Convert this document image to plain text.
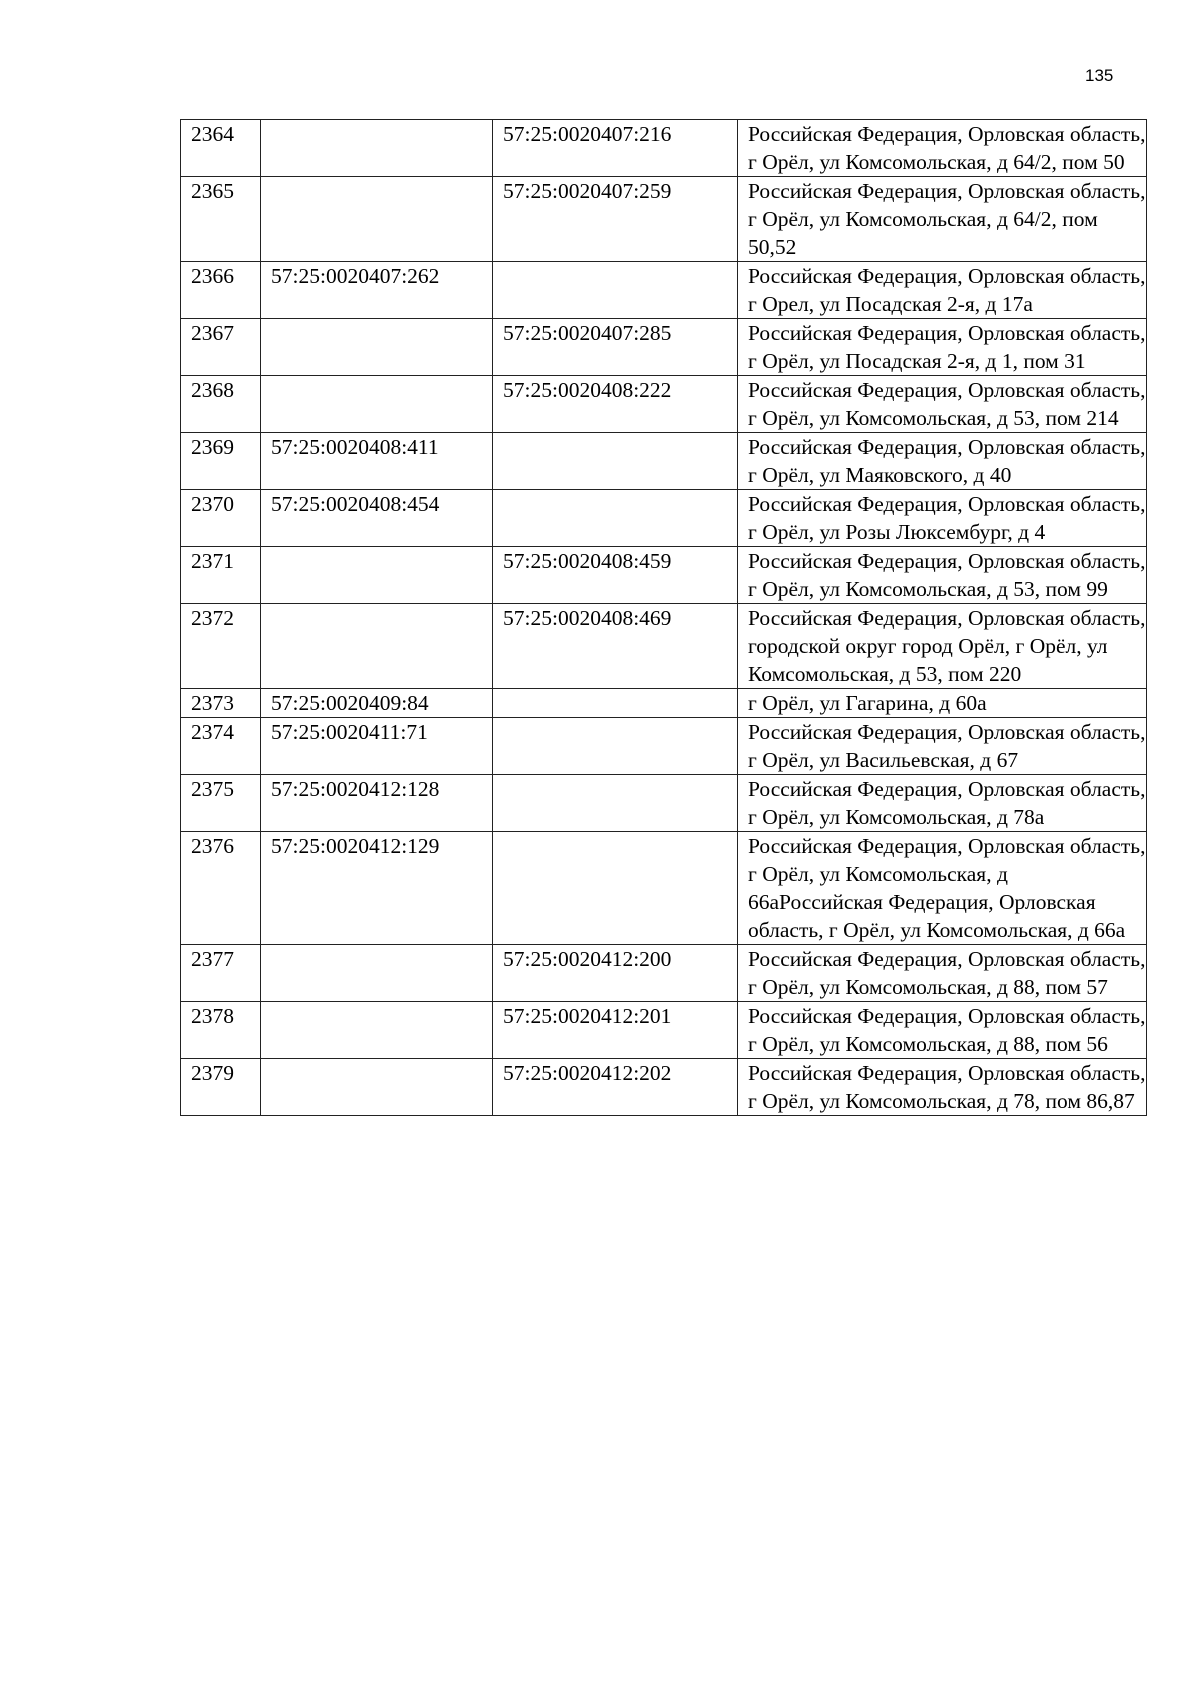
135
2364		57:25:0020407:216	Российская Федерация, Орловская область, г Орёл, ул Комсомольская, д 64/2, пом 50
2365		57:25:0020407:259	Российская Федерация, Орловская область, г Орёл, ул Комсомольская, д 64/2, пом 50,52
2366	57:25:0020407:262		Российская Федерация, Орловская область, г Орел, ул Посадская 2-я, д 17а
2367		57:25:0020407:285	Российская Федерация, Орловская область, г Орёл, ул Посадская 2-я, д 1, пом 31
2368		57:25:0020408:222	Российская Федерация, Орловская область, г Орёл, ул Комсомольская, д 53, пом 214
2369	57:25:0020408:411		Российская Федерация, Орловская область, г Орёл, ул Маяковского, д 40
2370	57:25:0020408:454		Российская Федерация, Орловская область, г Орёл, ул Розы Люксембург, д 4
2371		57:25:0020408:459	Российская Федерация, Орловская область, г Орёл, ул Комсомольская, д 53, пом 99
2372		57:25:0020408:469	Российская Федерация, Орловская область, городской округ город Орёл, г Орёл, ул Комсомольская, д 53, пом 220
2373	57:25:0020409:84		г Орёл, ул Гагарина, д 60а
2374	57:25:0020411:71		Российская Федерация, Орловская область, г Орёл, ул Васильевская, д 67
2375	57:25:0020412:128		Российская Федерация, Орловская область, г Орёл, ул Комсомольская, д 78а
2376	57:25:0020412:129		Российская Федерация, Орловская область, г Орёл, ул Комсомольская, д 66аРоссийская Федерация, Орловская область, г Орёл, ул Комсомольская, д 66а
2377		57:25:0020412:200	Российская Федерация, Орловская область, г Орёл, ул Комсомольская, д 88, пом 57
2378		57:25:0020412:201	Российская Федерация, Орловская область, г Орёл, ул Комсомольская, д 88, пом 56
2379		57:25:0020412:202	Российская Федерация, Орловская область, г Орёл, ул Комсомольская, д 78, пом 86,87
